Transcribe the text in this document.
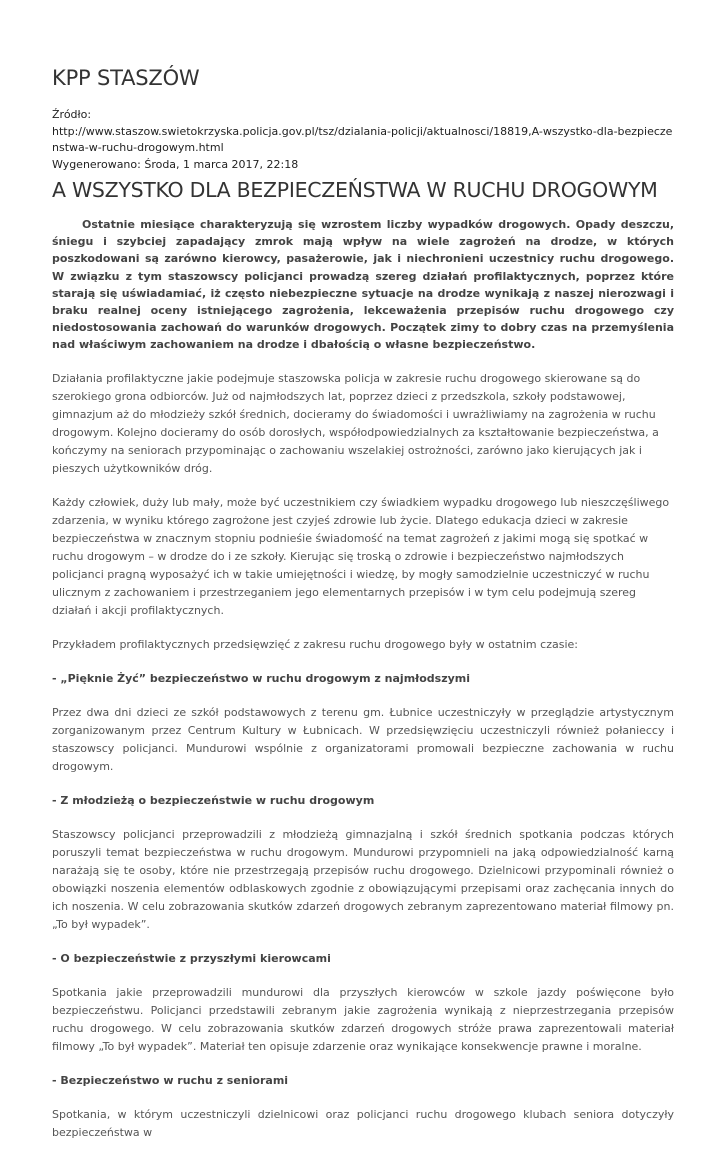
KPP STASZÓW
Źródło:
http://www.staszow.swietokrzyska.policja.gov.pl/tsz/dzialania-policji/aktualnosci/18819,A-wszystko-dla-bezpieczenstwa-w-ruchu-drogowym.html
Wygenerowano: Środa, 1 marca 2017, 22:18
A WSZYSTKO DLA BEZPIECZEŃSTWA W RUCHU DROGOWYM

Ostatnie miesiące charakteryzują się wzrostem liczby wypadków drogowych. Opady deszczu, śniegu i szybciej zapadający zmrok mają wpływ na wiele zagrożeń na drodze, w których poszkodowani są zarówno kierowcy, pasażerowie, jak i niechronieni uczestnicy ruchu drogowego. W związku z tym staszowscy policjanci prowadzą szereg działań profilaktycznych, poprzez które starają się uświadamiać, iż często niebezpieczne sytuacje na drodze wynikają z naszej nierozwagi i braku realnej oceny istniejącego zagrożenia, lekceważenia przepisów ruchu drogowego czy niedostosowania zachowań do warunków drogowych. Początek zimy to dobry czas na przemyślenia nad właściwym zachowaniem na drodze i dbałością o własne bezpieczeństwo.

Działania profilaktyczne jakie podejmuje staszowska policja w zakresie ruchu drogowego skierowane są do szerokiego grona odbiorców. Już od najmłodszych lat, poprzez dzieci z przedszkola, szkoły podstawowej, gimnazjum aż do młodzieży szkół średnich, docieramy do świadomości i uwrażliwiamy na zagrożenia w ruchu drogowym. Kolejno docieramy do osób dorosłych, współodpowiedzialnych za kształtowanie bezpieczeństwa, a kończymy na seniorach przypominając o zachowaniu wszelakiej ostrożności, zarówno jako kierujących jak i pieszych użytkowników dróg.

Każdy człowiek, duży lub mały, może być uczestnikiem czy świadkiem wypadku drogowego lub nieszczęśliwego zdarzenia, w wyniku którego zagrożone jest czyjeś zdrowie lub życie. Dlatego edukacja dzieci w zakresie bezpieczeństwa w znacznym stopniu podnieśie świadomość na temat zagrożeń z jakimi mogą się spotkać w ruchu drogowym – w drodze do i ze szkoły. Kierując się troską o zdrowie i bezpieczeństwo najmłodszych policjanci pragną wyposażyć ich w takie umiejętności i wiedzę, by mogły samodzielnie uczestniczyć w ruchu ulicznym z zachowaniem i przestrzeganiem jego elementarnych przepisów i w tym celu podejmują szereg działań i akcji profilaktycznych.

Przykładem profilaktycznych przedsięwzięć z zakresu ruchu drogowego były w ostatnim czasie:

- „Pięknie Żyć” bezpieczeństwo w ruchu drogowym z najmłodszymi

Przez dwa dni dzieci ze szkół podstawowych z terenu gm. Łubnice uczestniczyły w przeglądzie artystycznym zorganizowanym przez Centrum Kultury w Łubnicach. W przedsięwzięciu uczestniczyli również połanieccy i staszowscy policjanci. Mundurowi wspólnie z organizatorami promowali bezpieczne zachowania w ruchu drogowym.

- Z młodzieżą o bezpieczeństwie w ruchu drogowym

Staszowscy policjanci przeprowadzili z młodzieżą gimnazjalną i szkół średnich spotkania podczas których poruszyli temat bezpieczeństwa w ruchu drogowym. Mundurowi przypomnieli na jaką odpowiedzialność karną narażają się te osoby, które nie przestrzegają przepisów ruchu drogowego. Dzielnicowi przypominali również o obowiązki noszenia elementów odblaskowych zgodnie z obowiązującymi przepisami oraz zachęcania innych do ich noszenia. W celu zobrazowania skutków zdarzeń drogowych zebranym zaprezentowano materiał filmowy pn. „To był wypadek”.

- O bezpieczeństwie z przyszłymi kierowcami

Spotkania jakie przeprowadzili mundurowi dla przyszłych kierowców w szkole jazdy poświęcone było bezpieczeństwu. Policjanci przedstawili zebranym jakie zagrożenia wynikają z nieprzestrzegania przepisów ruchu drogowego. W celu zobrazowania skutków zdarzeń drogowych stróże prawa zaprezentowali materiał filmowy „To był wypadek”. Materiał ten opisuje zdarzenie oraz wynikające konsekwencje prawne i moralne.

- Bezpieczeństwo w ruchu z seniorami

Spotkania, w którym uczestniczyli dzielnicowi oraz policjanci ruchu drogowego klubach seniora dotyczyły bezpieczeństwa w
